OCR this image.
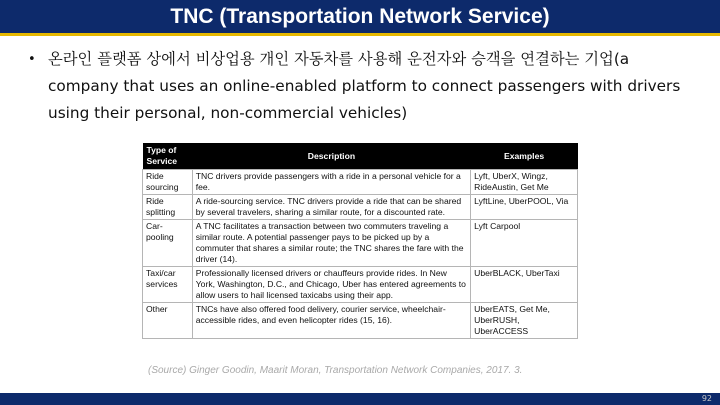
TNC (Transportation Network Service)
• 온라인 플랫폼 상에서 비상업용 개인 자동차를 사용해 운전자와 승객을 연결하는 기업(a company that uses an online-enabled platform to connect passengers with drivers using their personal, non-commercial vehicles)
Type of Service	Description	Examples
Ride sourcing	TNC drivers provide passengers with a ride in a personal vehicle for a fee.	Lyft, UberX, Wingz, RideAustin, Get Me
Ride splitting	A ride-sourcing service. TNC drivers provide a ride that can be shared by several travelers, sharing a similar route, for a discounted rate.	LyftLine, UberPOOL, Via
Car-pooling	A TNC facilitates a transaction between two commuters traveling a similar route. A potential passenger pays to be picked up by a commuter that shares a similar route; the TNC shares the fare with the driver (14).	Lyft Carpool
Taxi/car services	Professionally licensed drivers or chauffeurs provide rides. In New York, Washington, D.C., and Chicago, Uber has entered agreements to allow users to hail licensed taxicabs using their app.	UberBLACK, UberTaxi
Other	TNCs have also offered food delivery, courier service, wheelchair-accessible rides, and even helicopter rides (15, 16).	UberEATS, Get Me, UberRUSH, UberACCESS
(Source) Ginger Goodin, Maarit Moran, Transportation Network Companies, 2017. 3.
92
